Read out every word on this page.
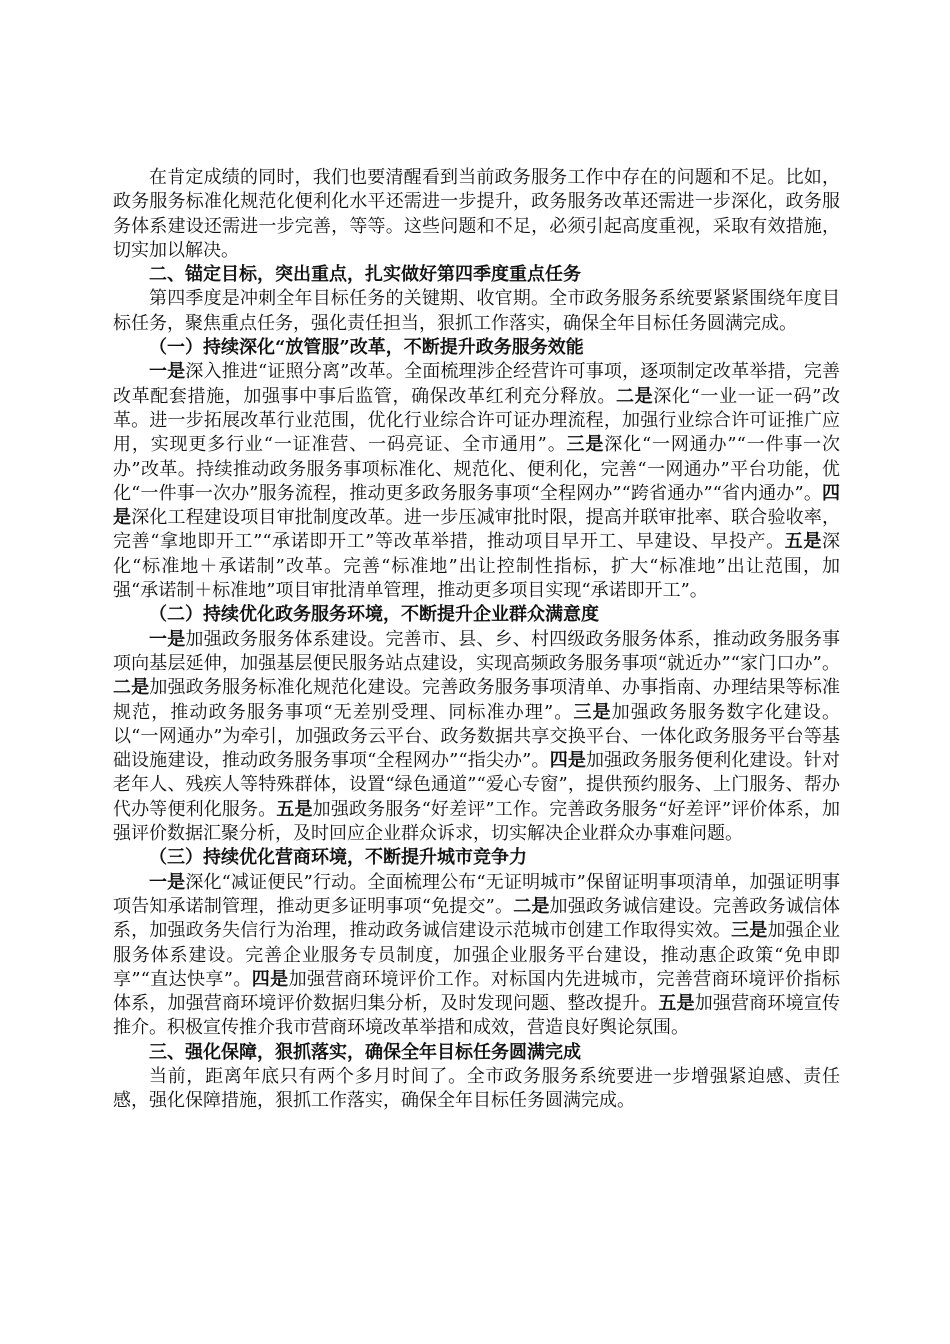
在肯定成绩的同时，我们也要清醒看到当前政务服务工作中存在的问题和不足。比如，政务服务标准化规范化便利化水平还需进一步提升，政务服务改革还需进一步深化，政务服务体系建设还需进一步完善，等等。这些问题和不足，必须引起高度重视，采取有效措施，切实加以解决。

二、锚定目标，突出重点，扎实做好第四季度重点任务

第四季度是冲刺全年目标任务的关键期、收官期。全市政务服务系统要紧紧围绕年度目标任务，聚焦重点任务，强化责任担当，狠抓工作落实，确保全年目标任务圆满完成。

（一）持续深化“放管服”改革，不断提升政务服务效能

一是深入推进“证照分离”改革。全面梳理涉企经营许可事项，逐项制定改革举措，完善改革配套措施，加强事中事后监管，确保改革红利充分释放。二是深化“一业一证一码”改革。进一步拓展改革行业范围，优化行业综合许可证办理流程，加强行业综合许可证推广应用，实现更多行业“一证准营、一码亮证、全市通用”。三是深化“一网通办”“一件事一次办”改革。持续推动政务服务事项标准化、规范化、便利化，完善“一网通办”平台功能，优化“一件事一次办”服务流程，推动更多政务服务事项“全程网办”“跨省通办”“省内通办”。四是深化工程建设项目审批制度改革。进一步压减审批时限，提高并联审批率、联合验收率，完善“拿地即开工”“承诺即开工”等改革举措，推动项目早开工、早建设、早投产。五是深化“标准地＋承诺制”改革。完善“标准地”出让控制性指标，扩大“标准地”出让范围，加强“承诺制＋标准地”项目审批清单管理，推动更多项目实现“承诺即开工”。

（二）持续优化政务服务环境，不断提升企业群众满意度

一是加强政务服务体系建设。完善市、县、乡、村四级政务服务体系，推动政务服务事项向基层延伸，加强基层便民服务站点建设，实现高频政务服务事项“就近办”“家门口办”。二是加强政务服务标准化规范化建设。完善政务服务事项清单、办事指南、办理结果等标准规范，推动政务服务事项“无差别受理、同标准办理”。三是加强政务服务数字化建设。以“一网通办”为牵引，加强政务云平台、政务数据共享交换平台、一体化政务服务平台等基础设施建设，推动政务服务事项“全程网办”“指尖办”。四是加强政务服务便利化建设。针对老年人、残疾人等特殊群体，设置“绿色通道”“爱心专窗”，提供预约服务、上门服务、帮办代办等便利化服务。五是加强政务服务“好差评”工作。完善政务服务“好差评”评价体系，加强评价数据汇聚分析，及时回应企业群众诉求，切实解决企业群众办事难问题。

（三）持续优化营商环境，不断提升城市竞争力

一是深化“减证便民”行动。全面梳理公布“无证明城市”保留证明事项清单，加强证明事项告知承诺制管理，推动更多证明事项“免提交”。二是加强政务诚信建设。完善政务诚信体系，加强政务失信行为治理，推动政务诚信建设示范城市创建工作取得实效。三是加强企业服务体系建设。完善企业服务专员制度，加强企业服务平台建设，推动惠企政策“免申即享”“直达快享”。四是加强营商环境评价工作。对标国内先进城市，完善营商环境评价指标体系，加强营商环境评价数据归集分析，及时发现问题、整改提升。五是加强营商环境宣传推介。积极宣传推介我市营商环境改革举措和成效，营造良好舆论氛围。

三、强化保障，狠抓落实，确保全年目标任务圆满完成

当前，距离年底只有两个多月时间了。全市政务服务系统要进一步增强紧迫感、责任感，强化保障措施，狠抓工作落实，确保全年目标任务圆满完成。
